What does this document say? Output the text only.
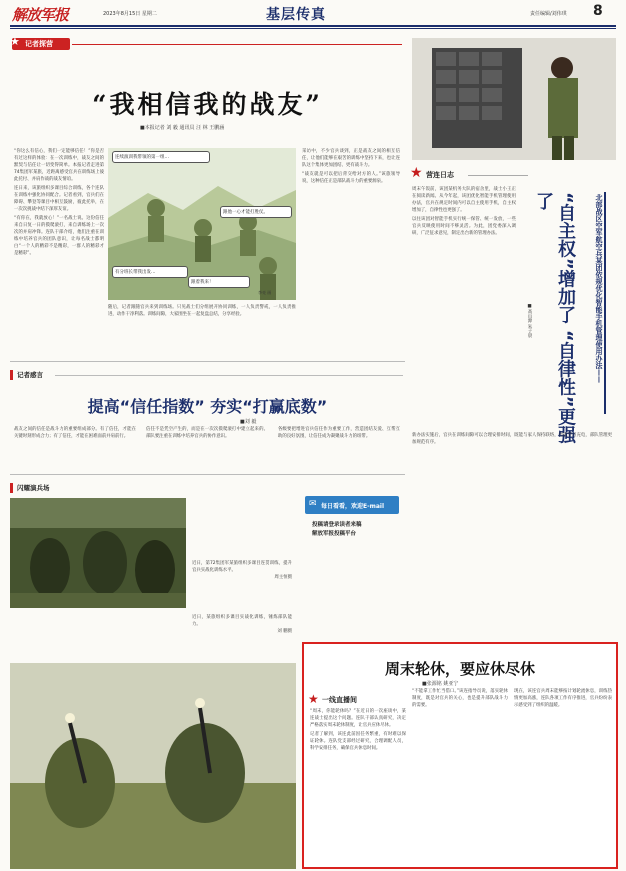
解放军报	2023年8月15日 星期二	基层传真	责任编辑/刘伟琪 8
★ 记者探营
“我相信我的战友”
■本报记者 刘 毅 通讯员 汪 林 王鹏涵

“你这么有信心，我们一定能够信任！”你是否有过这样的体验：在一次训练中，战友之间的默契与信任让一切变得简单。本报记者走进第74集团军某旅，近距离感受官兵在训练场上彼此托付、并肩作战的战友情谊。

连日来，该旅组织多课目综合训练，各个连队在训练中强化协同配合。记者看到，官兵们在障碍、攀登等课目中相互鼓励，彼此托举，在一次次挑战中结下深厚友谊。

“有你在，我就放心！”一名战士说。这份信任来自日复一日的摸爬滚打，来自训练场上一次次的并肩冲锋。连队干部介绍，他们注重在训练中培养官兵的团队意识，让每名战士都明白“一个人的精彩不是精彩，一群人的精彩才是精彩”。

连续演训我带领的第一组…
跟他一心才能打胜仗。
有分班长带我出发…
跟着我来！
李亮 画

随后，记者跟随官兵来到训练场。只见战士们分组展开协同训练，一人负责警戒，一人负责推进，动作干净利落。训练间隙，大家围坐在一起复盘总结，分享经验。

采访中，不少官兵谈到，正是战友之间的相互信任，让他们能够在艰苦的训练中坚持下来，也让连队这个集体更加团结、更有战斗力。

“战友就是可以把后背交给对方的人。”该旅领导说，这种信任正是部队战斗力的重要源泉。

记者感言
提高“信任指数” 夯实“打赢底数”
■刘 毅
战友之间的信任是战斗力的重要组成部分。有了信任，才能在关键时刻形成合力；有了信任，才能在困难面前并肩前行。
信任不是凭空产生的，而是在一次次摸爬滚打中建立起来的。部队要注重在训练中培养官兵的协作意识。
各级要把增进官兵信任作为重要工作，营造团结友爱、互帮互助的良好氛围，让信任成为凝聚战斗力的纽带。
闪耀演兵场
近日，第72集团军某旅组织多课目连贯训练，提升官兵实战化训练水平。
周主恒摄
近日，某旅组织多课目实战化训练，锤炼部队能力。
刘 鹏摄
✉ 每日看看，欢迎E-mail
投稿请登录读者来稿
解放军报投稿平台
★ 营连日志
“自主权”增加了 “自律性”更强了	北部战区空军航空兵某团依规优化智能手机管理使用办法——
■高山源 朱子晨

周末午饭前，该团某机务大队的宿舍里，战士小王正在阅读新闻。从今年起，该团优化智能手机管理使用办法，官兵在规定时间内可以自主使用手机，自主权增加了，自律性也更强了。

以往该团对智能手机实行统一保管、统一发放，一些官兵反映使用时间不够灵活。为此，团党委深入调研，广泛征求意见，制定出台新的管理办法。

新办法实施后，官兵在训练间隙可以合理安排时间，既能与家人保持联络，也能学习充电，部队管理更加规范有序。

周末轮休，要应休尽休
■张源铭 姚亚宁
★ 一线直播间

“周末，你能轮休吗？”在近日的一次座谈中，某连战士提出这个问题。连队干部认真研究，决定严格落实周末轮休制度，让官兵应休尽休。

记者了解到，该连此前因任务繁重，有时难以保证轮休。连队党支部经过研究，合理调配人员，科学安排任务，确保官兵休息时间。

“不能拿工作忙当借口。”该连指导员说，落实轮休制度，既是对官兵的关心，也是提升部队战斗力的需要。

现在，该连官兵周末能够按计划轮流休息，训练热情更加高涨，连队各项工作有序推进，官兵纷纷表示感受到了组织的温暖。
